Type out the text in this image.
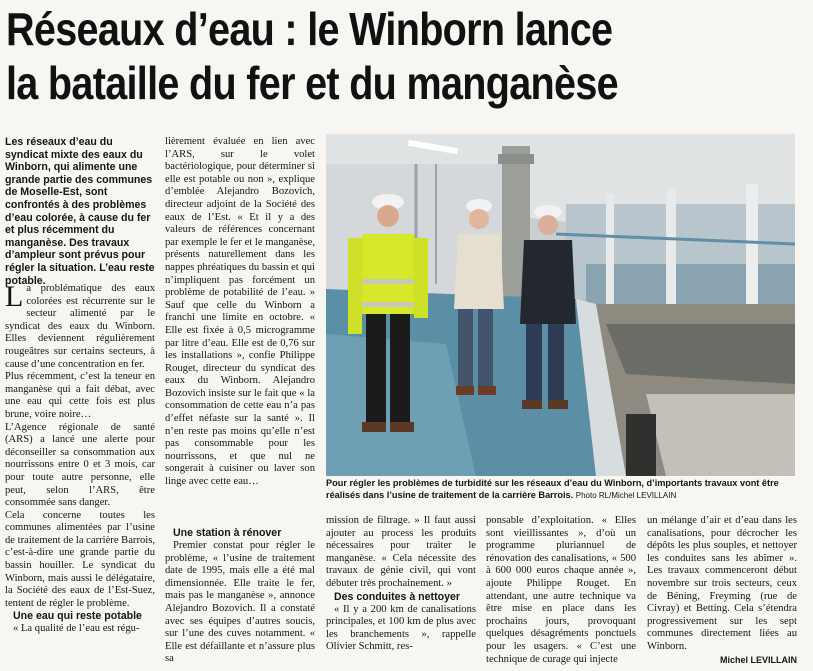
Réseaux d’eau : le Winborn lance
la bataille du fer et du manganèse

Les réseaux d’eau du syndicat mixte des eaux du Winborn, qui alimente une grande partie des communes de Moselle-Est, sont confrontés à des problèmes d’eau colorée, à cause du fer et plus récemment du manganèse. Des travaux d’ampleur sont prévus pour régler la situation. L’eau reste potable.

La problématique des eaux colorées est récurrente sur le secteur alimenté par le syndicat des eaux du Winborn. Elles deviennent régulièrement rougeâtres sur certains secteurs, à cause d’une concentration en fer.

Plus récemment, c’est la teneur en manganèse qui a fait débat, avec une eau qui cette fois est plus brune, voire noire…

L’Agence régionale de santé (ARS) a lancé une alerte pour déconseiller sa consommation aux nourrissons entre 0 et 3 mois, car pour toute autre personne, elle peut, selon l’ARS, être consommée sans danger.

Cela concerne toutes les communes alimentées par l’usine de traitement de la carrière Barrois, c’est-à-dire une grande partie du bassin houiller. Le syndicat du Winborn, mais aussi le délégataire, la Société des eaux de l’Est-Suez, tentent de régler le problème.

Une eau qui reste potable

« La qualité de l’eau est régu-

lièrement évaluée en lien avec l’ARS, sur le volet bactériologique, pour déterminer si elle est potable ou non », explique d’emblée Alejandro Bozovich, directeur adjoint de la Société des eaux de l’Est. « Et il y a des valeurs de références concernant par exemple le fer et le manganèse, présents naturellement dans les nappes phréatiques du bassin et qui n’impliquent pas forcément un problème de potabilité de l’eau. » Sauf que celle du Winborn a franchi une limite en octobre. « Elle est fixée à 0,5 microgramme par litre d’eau. Elle est de 0,76 sur les installations », confie Philippe Rouget, directeur du syndicat des eaux du Winborn. Alejandro Bozovich insiste sur le fait que « la consommation de cette eau n’a pas d’effet néfaste sur la santé ». Il n’en reste pas moins qu’elle n’est pas consommable pour les nourrissons, et que nul ne songerait à cuisiner ou laver son linge avec cette eau…

Une station à rénover

Premier constat pour régler le problème, « l’usine de traitement date de 1995, mais elle a été mal dimensionnée. Elle traite le fer, mais pas le manganèse », annonce Alejandro Bozovich. Il a constaté avec ses équipes d’autres soucis, sur l’une des cuves notamment. « Elle est défaillante et n’assure plus sa

Pour régler les problèmes de turbidité sur les réseaux d’eau du Winborn, d’importants travaux vont être réalisés dans l’usine de traitement de la carrière Barrois. Photo RL/Michel LEVILLAIN

mission de filtrage. » Il faut aussi ajouter au process les produits nécessaires pour traiter le manganèse. « Cela nécessite des travaux de génie civil, qui vont débuter très prochainement. »

Des conduites à nettoyer

« Il y a 200 km de canalisations principales, et 100 km de plus avec les branchements », rappelle Olivier Schmitt, res-

ponsable d’exploitation. « Elles sont vieillissantes », d’où un programme pluriannuel de rénovation des canalisations, « 500 à 600 000 euros chaque année », ajoute Philippe Rouget. En attendant, une autre technique va être mise en place dans les prochains jours, provoquant quelques désagréments ponctuels pour les usagers. « C’est une technique de curage qui injecte

un mélange d’air et d’eau dans les canalisations, pour décrocher les dépôts les plus souples, et nettoyer les conduites sans les abîmer ». Les travaux commenceront début novembre sur trois secteurs, ceux de Béning, Freyming (rue de Civray) et Betting. Cela s’étendra progressivement sur les sept communes directement liées au Winborn.

Michel LEVILLAIN
